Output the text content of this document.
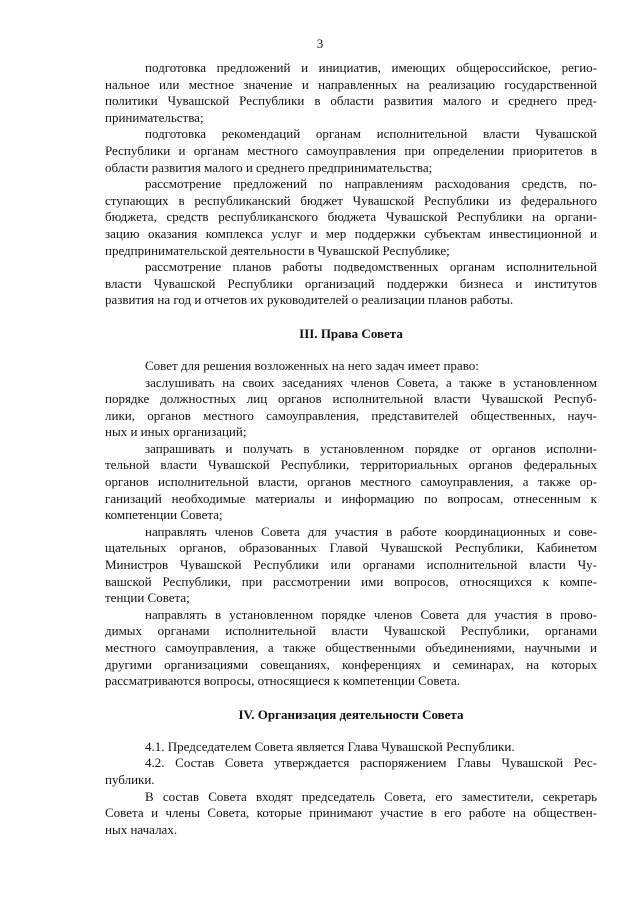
3
подготовка предложений и инициатив, имеющих общероссийское, регио-
нальное или местное значение и направленных на реализацию государственной
политики Чувашской Республики в области развития малого и среднего пред-
принимательства;
подготовка рекомендаций органам исполнительной власти Чувашской
Республики и органам местного самоуправления при определении приоритетов в
области развития малого и среднего предпринимательства;
рассмотрение предложений по направлениям расходования средств, по-
ступающих в республиканский бюджет Чувашской Республики из федерального
бюджета, средств республиканского бюджета Чувашской Республики на органи-
зацию оказания комплекса услуг и мер поддержки субъектам инвестиционной и
предпринимательской деятельности в Чувашской Республике;
рассмотрение планов работы подведомственных органам исполнительной
власти Чувашской Республики организаций поддержки бизнеса и институтов
развития на год и отчетов их руководителей о реализации планов работы.
III. Права Совета
Совет для решения возложенных на него задач имеет право:
заслушивать на своих заседаниях членов Совета, а также в установленном
порядке должностных лиц органов исполнительной власти Чувашской Респуб-
лики, органов местного самоуправления, представителей общественных, науч-
ных и иных организаций;
запрашивать и получать в установленном порядке от органов исполни-
тельной власти Чувашской Республики, территориальных органов федеральных
органов исполнительной власти, органов местного самоуправления, а также ор-
ганизаций необходимые материалы и информацию по вопросам, отнесенным к
компетенции Совета;
направлять членов Совета для участия в работе координационных и сове-
щательных органов, образованных Главой Чувашской Республики, Кабинетом
Министров Чувашской Республики или органами исполнительной власти Чу-
вашской Республики, при рассмотрении ими вопросов, относящихся к компе-
тенции Совета;
направлять в установленном порядке членов Совета для участия в прово-
димых органами исполнительной власти Чувашской Республики, органами
местного самоуправления, а также общественными объединениями, научными и
другими организациями совещаниях, конференциях и семинарах, на которых
рассматриваются вопросы, относящиеся к компетенции Совета.
IV. Организация деятельности Совета
4.1. Председателем Совета является Глава Чувашской Республики.
4.2. Состав Совета утверждается распоряжением Главы Чувашской Рес-
публики.
В состав Совета входят председатель Совета, его заместители, секретарь
Совета и члены Совета, которые принимают участие в его работе на обществен-
ных началах.
